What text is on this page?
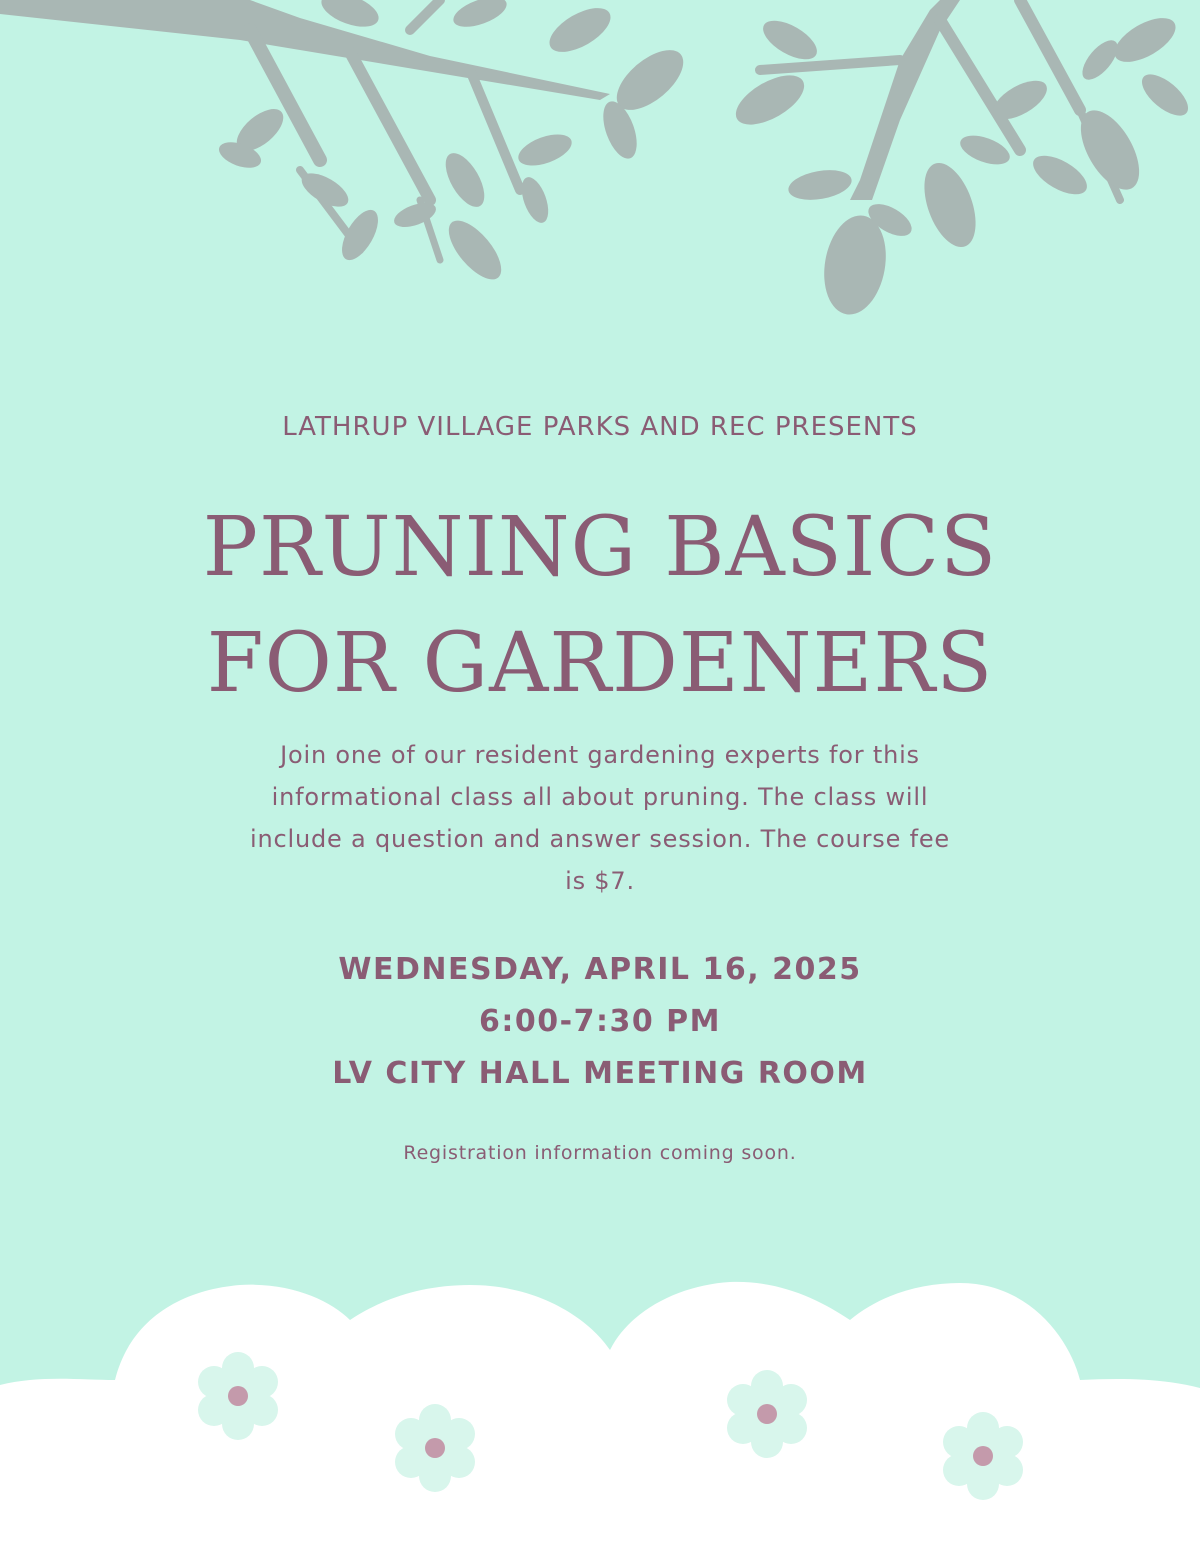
LATHRUP VILLAGE PARKS AND REC PRESENTS
PRUNING BASICS
FOR GARDENERS
Join one of our resident gardening experts for this informational class all about pruning. The class will include a question and answer session. The course fee is $7.
WEDNESDAY, APRIL 16, 2025
6:00-7:30 PM
LV CITY HALL MEETING ROOM
Registration information coming soon.
